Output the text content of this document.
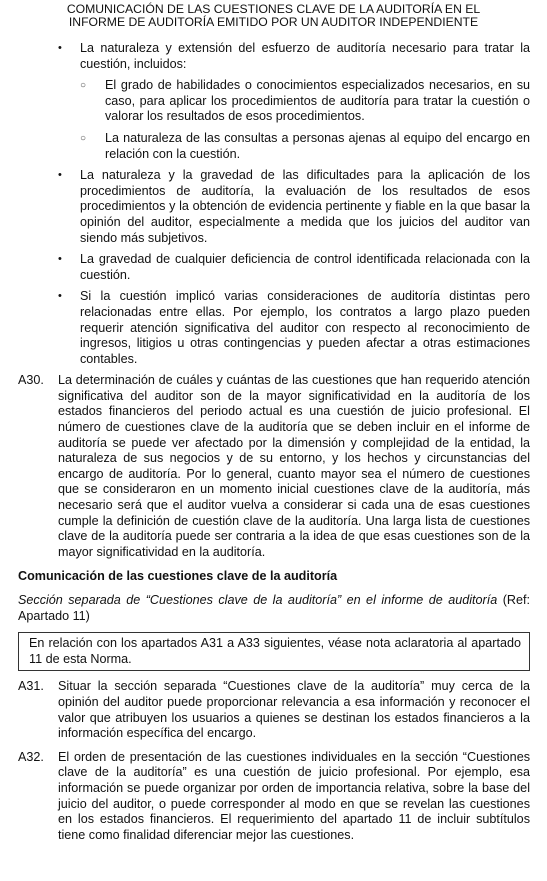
COMUNICACIÓN DE LAS CUESTIONES CLAVE DE LA AUDITORÍA EN EL
INFORME DE AUDITORÍA EMITIDO POR UN AUDITOR INDEPENDIENTE
• La naturaleza y extensión del esfuerzo de auditoría necesario para tratar la cuestión, incluidos:

○ El grado de habilidades o conocimientos especializados necesarios, en su caso, para aplicar los procedimientos de auditoría para tratar la cuestión o valorar los resultados de esos procedimientos.

○ La naturaleza de las consultas a personas ajenas al equipo del encargo en relación con la cuestión.

• La naturaleza y la gravedad de las dificultades para la aplicación de los procedimientos de auditoría, la evaluación de los resultados de esos procedimientos y la obtención de evidencia pertinente y fiable en la que basar la opinión del auditor, especialmente a medida que los juicios del auditor van siendo más subjetivos.

• La gravedad de cualquier deficiencia de control identificada relacionada con la cuestión.

• Si la cuestión implicó varias consideraciones de auditoría distintas pero relacionadas entre ellas. Por ejemplo, los contratos a largo plazo pueden requerir atención significativa del auditor con respecto al reconocimiento de ingresos, litigios u otras contingencias y pueden afectar a otras estimaciones contables.

A30. La determinación de cuáles y cuántas de las cuestiones que han requerido atención significativa del auditor son de la mayor significatividad en la auditoría de los estados financieros del periodo actual es una cuestión de juicio profesional. El número de cuestiones clave de la auditoría que se deben incluir en el informe de auditoría se puede ver afectado por la dimensión y complejidad de la entidad, la naturaleza de sus negocios y de su entorno, y los hechos y circunstancias del encargo de auditoría. Por lo general, cuanto mayor sea el número de cuestiones que se consideraron en un momento inicial cuestiones clave de la auditoría, más necesario será que el auditor vuelva a considerar si cada una de esas cuestiones cumple la definición de cuestión clave de la auditoría. Una larga lista de cuestiones clave de la auditoría puede ser contraria a la idea de que esas cuestiones son de la mayor significatividad en la auditoría.

Comunicación de las cuestiones clave de la auditoría

Sección separada de “Cuestiones clave de la auditoría” en el informe de auditoría (Ref: Apartado 11)

En relación con los apartados A31 a A33 siguientes, véase nota aclaratoria al apartado 11 de esta Norma.

A31. Situar la sección separada “Cuestiones clave de la auditoría” muy cerca de la opinión del auditor puede proporcionar relevancia a esa información y reconocer el valor que atribuyen los usuarios a quienes se destinan los estados financieros a la información específica del encargo.

A32. El orden de presentación de las cuestiones individuales en la sección “Cuestiones clave de la auditoría” es una cuestión de juicio profesional. Por ejemplo, esa información se puede organizar por orden de importancia relativa, sobre la base del juicio del auditor, o puede corresponder al modo en que se revelan las cuestiones en los estados financieros. El requerimiento del apartado 11 de incluir subtítulos tiene como finalidad diferenciar mejor las cuestiones.
